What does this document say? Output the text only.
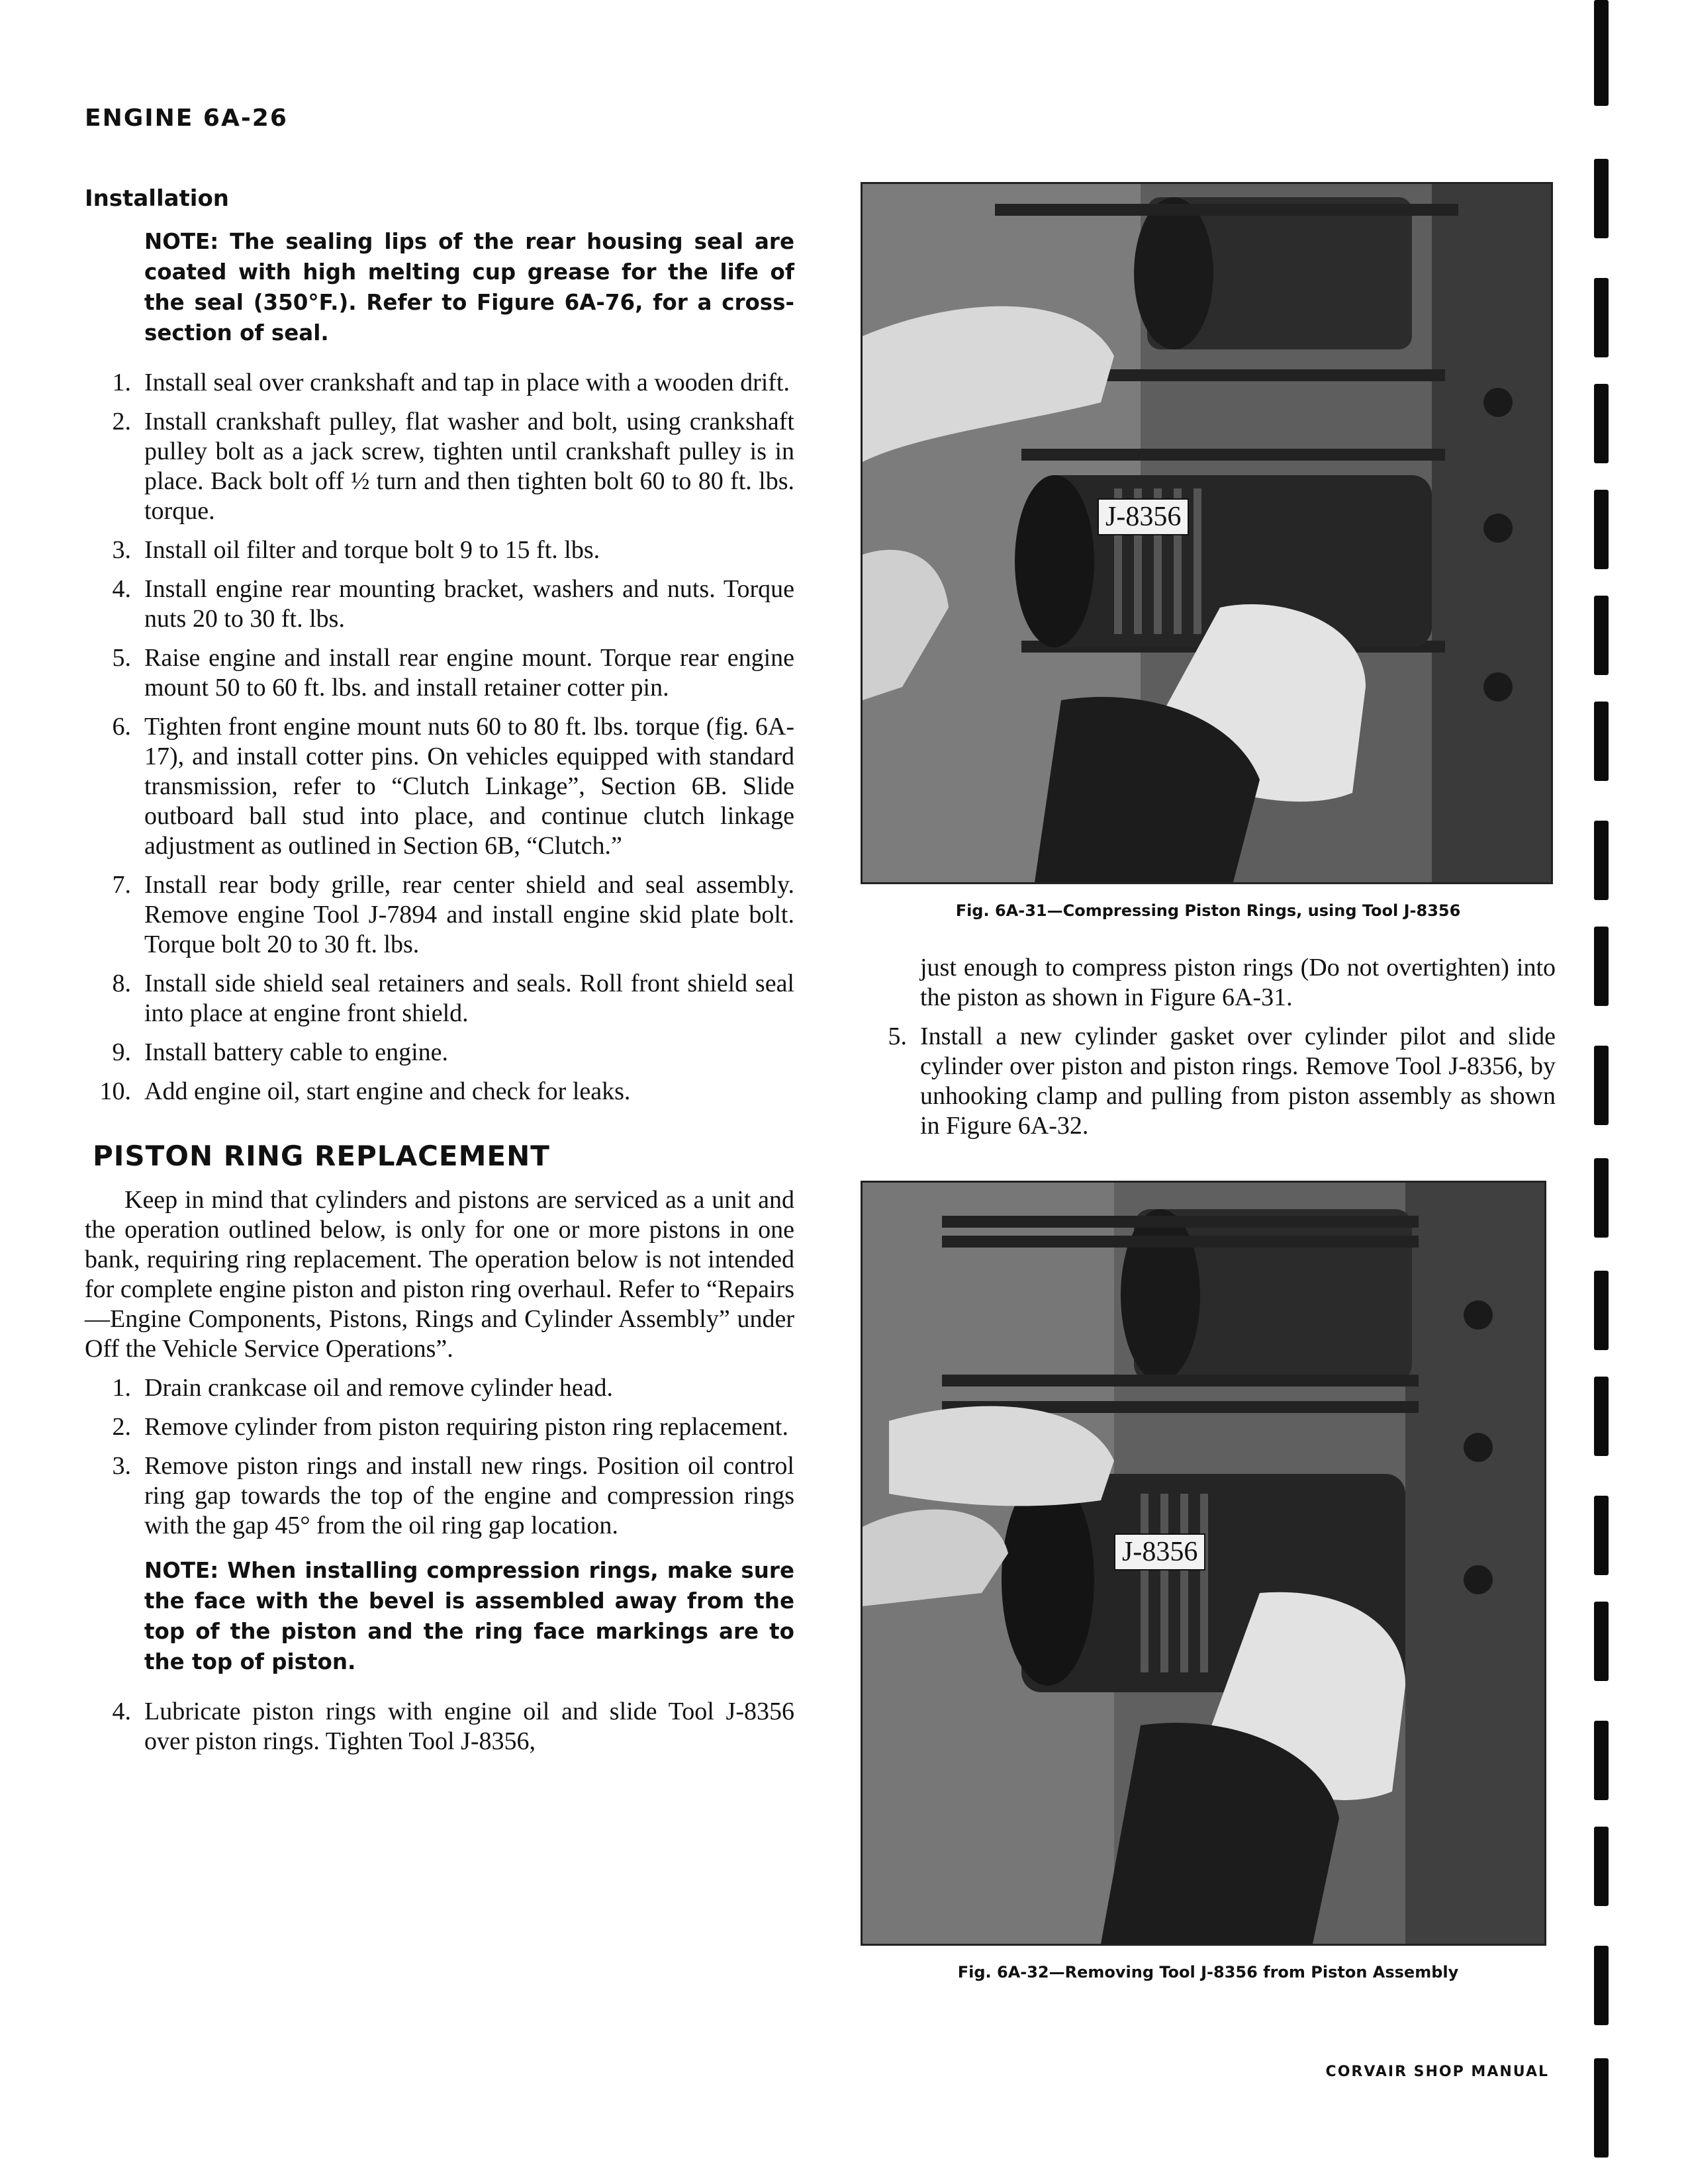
ENGINE 6A-26
Installation
NOTE: The sealing lips of the rear housing seal are coated with high melting cup grease for the life of the seal (350°F.). Refer to Figure 6A-76, for a cross-section of seal.
1. Install seal over crankshaft and tap in place with a wooden drift.
2. Install crankshaft pulley, flat washer and bolt, using crankshaft pulley bolt as a jack screw, tighten until crankshaft pulley is in place. Back bolt off ½ turn and then tighten bolt 60 to 80 ft. lbs. torque.
3. Install oil filter and torque bolt 9 to 15 ft. lbs.
4. Install engine rear mounting bracket, washers and nuts. Torque nuts 20 to 30 ft. lbs.
5. Raise engine and install rear engine mount. Torque rear engine mount 50 to 60 ft. lbs. and install retainer cotter pin.
6. Tighten front engine mount nuts 60 to 80 ft. lbs. torque (fig. 6A-17), and install cotter pins. On vehicles equipped with standard transmission, refer to “Clutch Linkage”, Section 6B. Slide outboard ball stud into place, and continue clutch linkage adjustment as outlined in Section 6B, “Clutch.”
7. Install rear body grille, rear center shield and seal assembly. Remove engine Tool J-7894 and install engine skid plate bolt. Torque bolt 20 to 30 ft. lbs.
8. Install side shield seal retainers and seals. Roll front shield seal into place at engine front shield.
9. Install battery cable to engine.
10. Add engine oil, start engine and check for leaks.
PISTON RING REPLACEMENT

Keep in mind that cylinders and pistons are serviced as a unit and the operation outlined below, is only for one or more pistons in one bank, requiring ring replacement. The operation below is not intended for complete engine piston and piston ring overhaul. Refer to “Repairs—Engine Components, Pistons, Rings and Cylinder Assembly” under Off the Vehicle Service Operations”.

1. Drain crankcase oil and remove cylinder head.
2. Remove cylinder from piston requiring piston ring replacement.
3. Remove piston rings and install new rings. Position oil control ring gap towards the top of the engine and compression rings with the gap 45° from the oil ring gap location.
NOTE: When installing compression rings, make sure the face with the bevel is assembled away from the top of the piston and the ring face markings are to the top of piston.
4. Lubricate piston rings with engine oil and slide Tool J-8356 over piston rings. Tighten Tool J-8356,
J-8356
Fig. 6A-31—Compressing Piston Rings, using Tool J-8356
just enough to compress piston rings (Do not overtighten) into the piston as shown in Figure 6A-31.
5. Install a new cylinder gasket over cylinder pilot and slide cylinder over piston and piston rings. Remove Tool J-8356, by unhooking clamp and pulling from piston assembly as shown in Figure 6A-32.
J-8356
Fig. 6A-32—Removing Tool J-8356 from Piston Assembly
CORVAIR SHOP MANUAL
